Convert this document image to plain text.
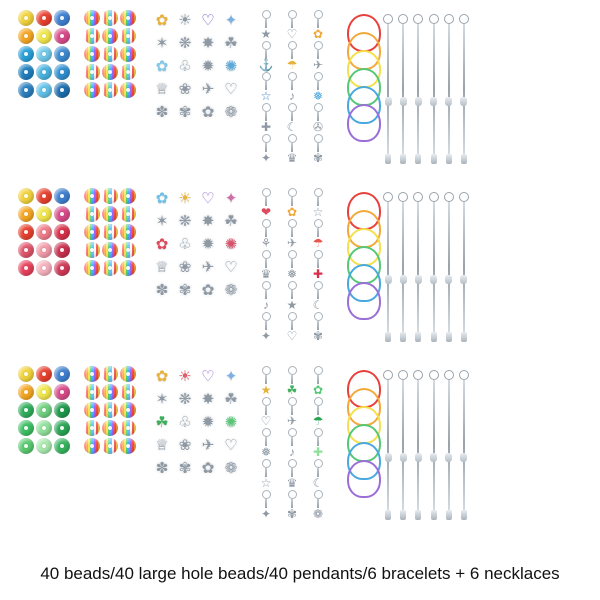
✿ ☀ ♡ ✦
✶ ❋ ✸ ☘
✿ ♧ ✹ ✺
♕ ❀ ✈ ♡
✽ ✾ ✿ ❁
★ ♡ ✿
⚓ ☂ ✈
☆ ♪ ❅
✚ ☾ ✇
✦ ♛ ✾
✿ ☀ ♡ ✦
✶ ❋ ✸ ☘
✿ ♧ ✹ ✺
♕ ❀ ✈ ♡
✽ ✾ ✿ ❁
❤ ✿ ☆
⚘ ✈ ☂
♛ ❅ ✚
♪ ★ ☾
✦ ♡ ✾
✿ ☀ ♡ ✦
✶ ❋ ✸ ☘
☘ ♧ ✹ ✺
♕ ❀ ✈ ♡
✽ ✾ ✿ ❁
★ ☘ ✿
♡ ✈ ☂
❅ ♪ ✚
☆ ♛ ☾
✦ ✾ ❁
40 beads/40 large hole beads/40 pendants/6 bracelets + 6 necklaces
